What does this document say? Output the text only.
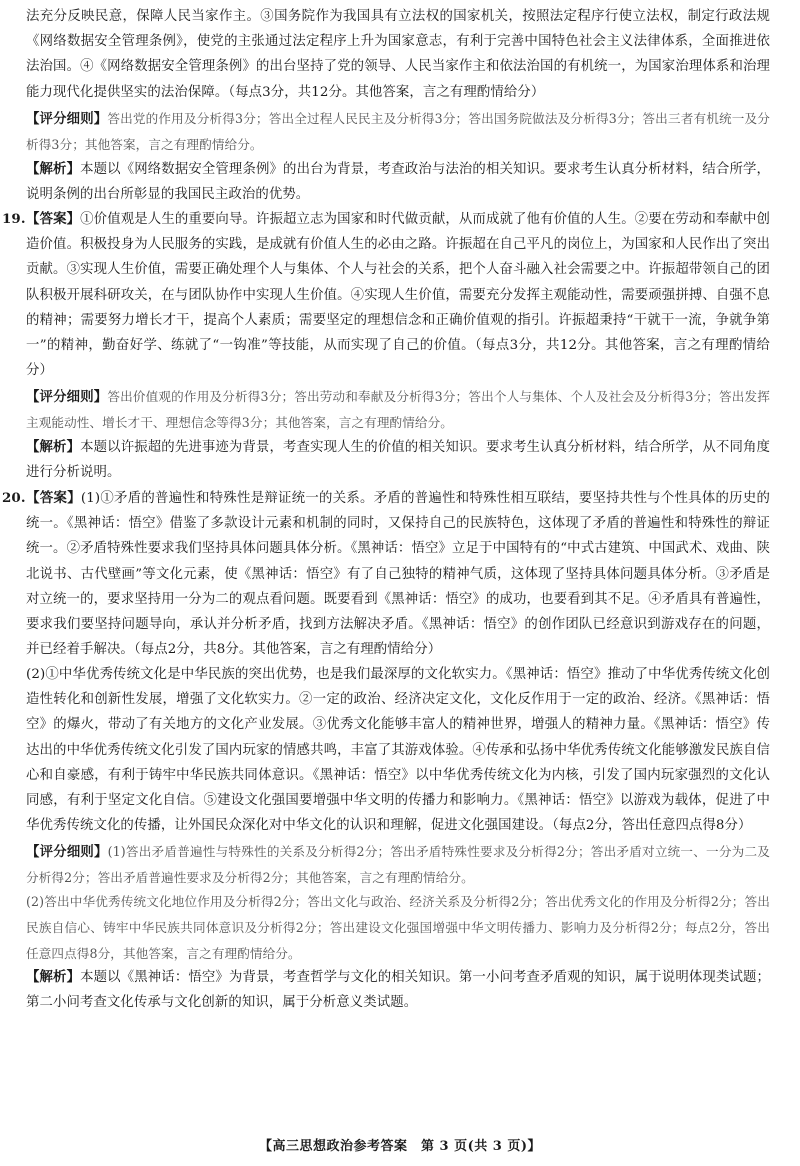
法充分反映民意，保障人民当家作主。③国务院作为我国具有立法权的国家机关，按照法定程序行使立法权，制定行政法规《网络数据安全管理条例》，使党的主张通过法定程序上升为国家意志，有利于完善中国特色社会主义法律体系，全面推进依法治国。④《网络数据安全管理条例》的出台坚持了党的领导、人民当家作主和依法治国的有机统一，为国家治理体系和治理能力现代化提供坚实的法治保障。（每点3分，共12分。其他答案，言之有理酌情给分）

【评分细则】答出党的作用及分析得3分；答出全过程人民民主及分析得3分；答出国务院做法及分析得3分；答出三者有机统一及分析得3分；其他答案，言之有理酌情给分。

【解析】本题以《网络数据安全管理条例》的出台为背景，考查政治与法治的相关知识。要求考生认真分析材料，结合所学，说明条例的出台所彰显的我国民主政治的优势。

19.【答案】①价值观是人生的重要向导。许振超立志为国家和时代做贡献，从而成就了他有价值的人生。②要在劳动和奉献中创造价值。积极投身为人民服务的实践，是成就有价值人生的必由之路。许振超在自己平凡的岗位上，为国家和人民作出了突出贡献。③实现人生价值，需要正确处理个人与集体、个人与社会的关系，把个人奋斗融入社会需要之中。许振超带领自己的团队积极开展科研攻关，在与团队协作中实现人生价值。④实现人生价值，需要充分发挥主观能动性，需要顽强拼搏、自强不息的精神；需要努力增长才干，提高个人素质；需要坚定的理想信念和正确价值观的指引。许振超秉持“干就干一流，争就争第一”的精神，勤奋好学、练就了“一钩准”等技能，从而实现了自己的价值。（每点3分，共12分。其他答案，言之有理酌情给分）

【评分细则】答出价值观的作用及分析得3分；答出劳动和奉献及分析得3分；答出个人与集体、个人及社会及分析得3分；答出发挥主观能动性、增长才干、理想信念等得3分；其他答案，言之有理酌情给分。

【解析】本题以许振超的先进事迹为背景，考查实现人生的价值的相关知识。要求考生认真分析材料，结合所学，从不同角度进行分析说明。

20.【答案】(1)①矛盾的普遍性和特殊性是辩证统一的关系。矛盾的普遍性和特殊性相互联结，要坚持共性与个性具体的历史的统一。《黑神话：悟空》借鉴了多款设计元素和机制的同时，又保持自己的民族特色，这体现了矛盾的普遍性和特殊性的辩证统一。②矛盾特殊性要求我们坚持具体问题具体分析。《黑神话：悟空》立足于中国特有的“中式古建筑、中国武术、戏曲、陕北说书、古代壁画”等文化元素，使《黑神话：悟空》有了自己独特的精神气质，这体现了坚持具体问题具体分析。③矛盾是对立统一的，要求坚持用一分为二的观点看问题。既要看到《黑神话：悟空》的成功，也要看到其不足。④矛盾具有普遍性，要求我们要坚持问题导向，承认并分析矛盾，找到方法解决矛盾。《黑神话：悟空》的创作团队已经意识到游戏存在的问题，并已经着手解决。（每点2分，共8分。其他答案，言之有理酌情给分）

(2)①中华优秀传统文化是中华民族的突出优势，也是我们最深厚的文化软实力。《黑神话：悟空》推动了中华优秀传统文化创造性转化和创新性发展，增强了文化软实力。②一定的政治、经济决定文化，文化反作用于一定的政治、经济。《黑神话：悟空》的爆火，带动了有关地方的文化产业发展。③优秀文化能够丰富人的精神世界，增强人的精神力量。《黑神话：悟空》传达出的中华优秀传统文化引发了国内玩家的情感共鸣，丰富了其游戏体验。④传承和弘扬中华优秀传统文化能够激发民族自信心和自豪感，有利于铸牢中华民族共同体意识。《黑神话：悟空》以中华优秀传统文化为内核，引发了国内玩家强烈的文化认同感，有利于坚定文化自信。⑤建设文化强国要增强中华文明的传播力和影响力。《黑神话：悟空》以游戏为载体，促进了中华优秀传统文化的传播，让外国民众深化对中华文化的认识和理解，促进文化强国建设。（每点2分，答出任意四点得8分）

【评分细则】(1)答出矛盾普遍性与特殊性的关系及分析得2分；答出矛盾特殊性要求及分析得2分；答出矛盾对立统一、一分为二及分析得2分；答出矛盾普遍性要求及分析得2分；其他答案，言之有理酌情给分。

(2)答出中华优秀传统文化地位作用及分析得2分；答出文化与政治、经济关系及分析得2分；答出优秀文化的作用及分析得2分；答出民族自信心、铸牢中华民族共同体意识及分析得2分；答出建设文化强国增强中华文明传播力、影响力及分析得2分；每点2分，答出任意四点得8分，其他答案，言之有理酌情给分。

【解析】本题以《黑神话：悟空》为背景，考查哲学与文化的相关知识。第一小问考查矛盾观的知识，属于说明体现类试题；第二小问考查文化传承与文化创新的知识，属于分析意义类试题。

【高三思想政治参考答案　第 3 页(共 3 页)】
